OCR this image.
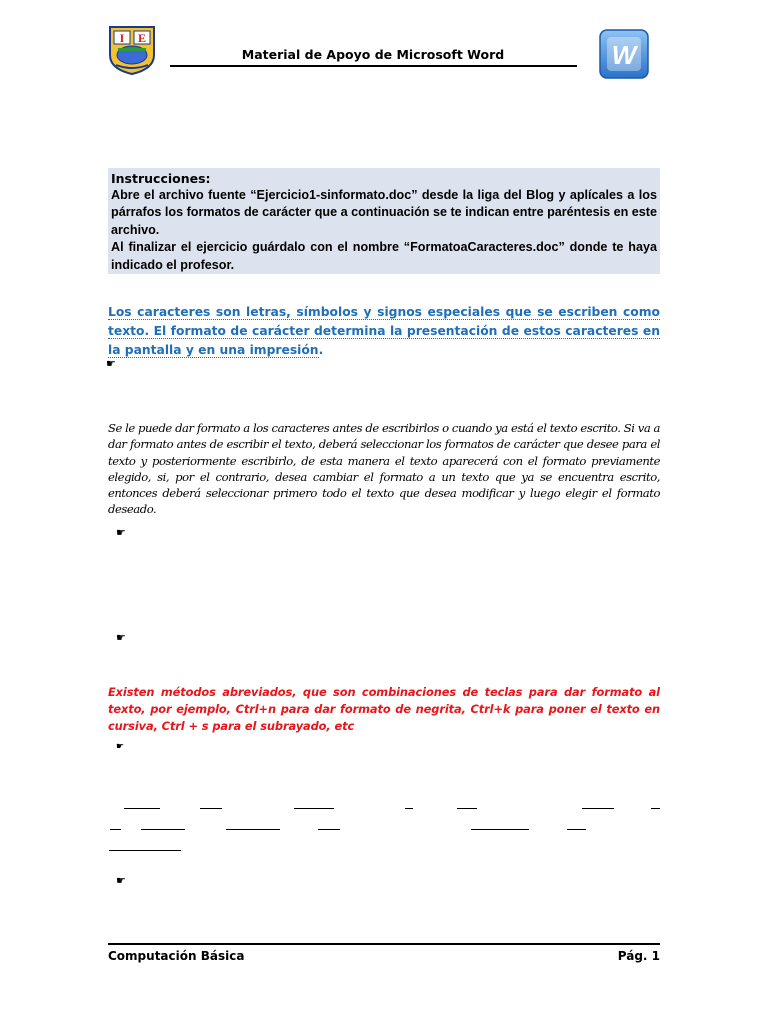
I E
Material de Apoyo de Microsoft Word	W
Instrucciones:
Abre el archivo fuente “Ejercicio1-sinformato.doc” desde la liga del Blog y aplícales a los párrafos los formatos de carácter que a continuación se te indican entre paréntesis en este archivo.
Al finalizar el ejercicio guárdalo con el nombre “FormatoaCaracteres.doc” donde te haya indicado el profesor.
Los caracteres son letras, símbolos y signos especiales que se escriben como texto. El formato de carácter determina la presentación de estos caracteres en la pantalla y en una impresión.
☛
Se le puede dar formato a los caracteres antes de escribirlos o cuando ya está el texto escrito. Si va a dar formato antes de escribir el texto, deberá seleccionar los formatos de carácter que desee para el texto y posteriormente escribirlo, de esta manera el texto aparecerá con el formato previamente elegido, si, por el contrario, desea cambiar el formato a un texto que ya se encuentra escrito, entonces deberá seleccionar primero todo el texto que desea modificar y luego elegir el formato deseado.
☛
☛
Existen métodos abreviados, que son combinaciones de teclas para dar formato al texto, por ejemplo, Ctrl+n para dar formato de negrita, Ctrl+k para poner el texto en cursiva, Ctrl + s para el subrayado, etc
☛
☛
Computación Básica	Pág. 1
